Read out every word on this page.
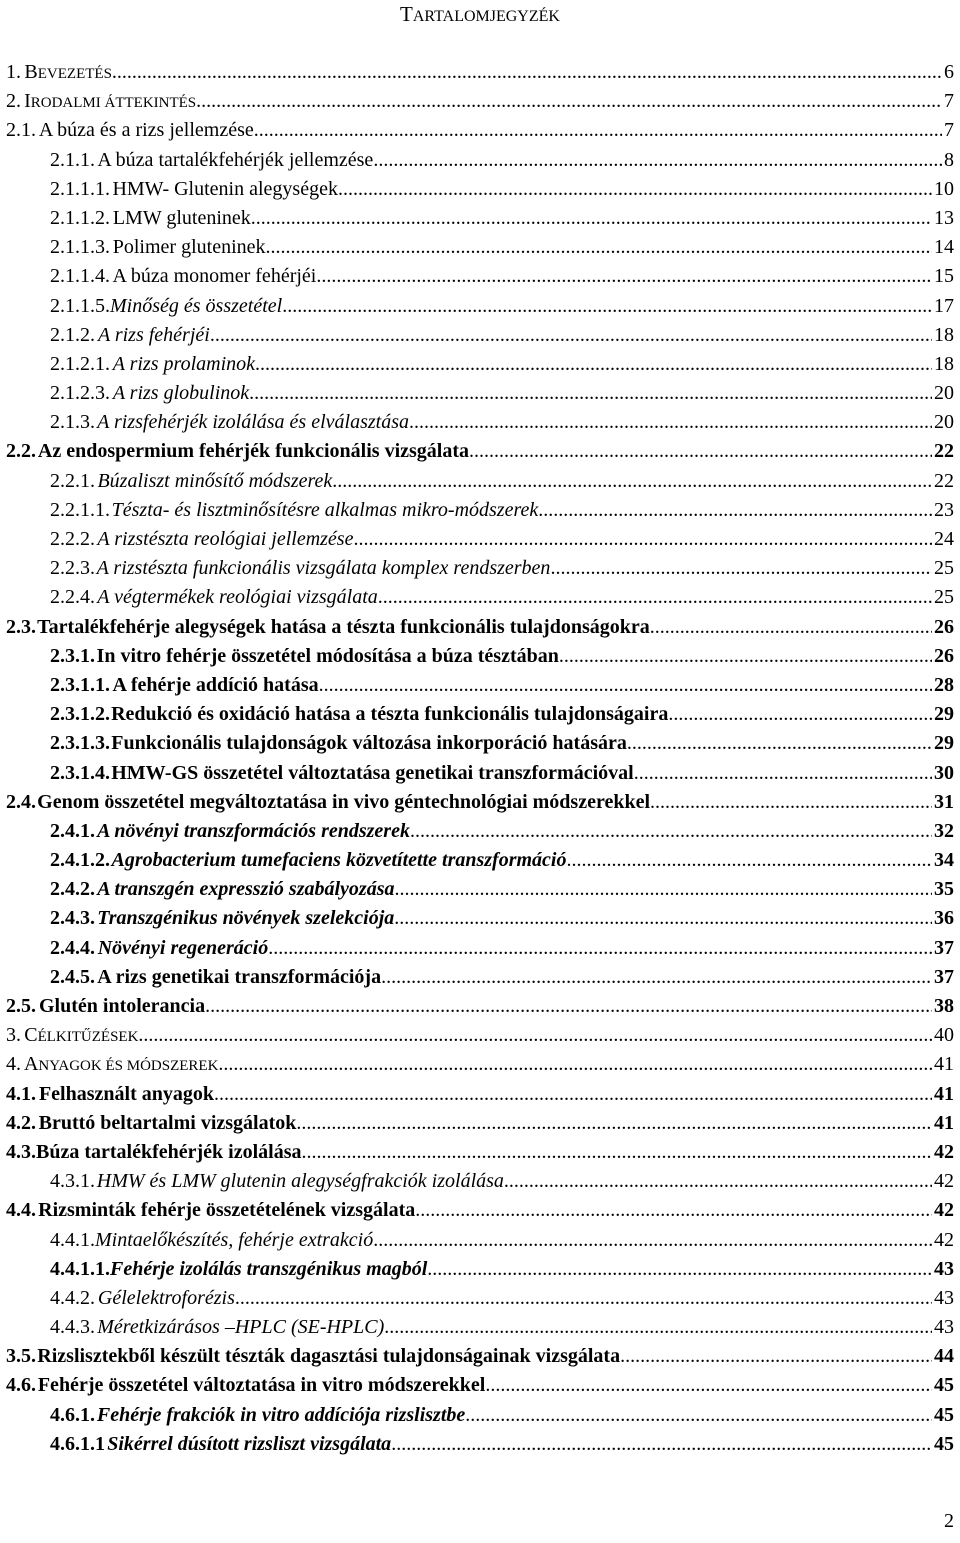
TARTALOMJEGYZÉK
1. BEVEZETÉS .....	6
2. IRODALMI ÁTTEKINTÉS .....	7
2.1. A búza és a rizs jellemzése .....	7
2.1.1. A búza tartalékfehérjék jellemzése .....	8
2.1.1.1. HMW- Glutenin alegységek .....	10
2.1.1.2. LMW gluteninek .....	13
2.1.1.3. Polimer gluteninek .....	14
2.1.1.4. A búza monomer fehérjéi .....	15
2.1.1.5. Minőség és összetétel .....	17
2.1.2. A rizs fehérjéi .....	18
2.1.2.1. A rizs prolaminok .....	18
2.1.2.3. A rizs globulinok .....	20
2.1.3. A rizsfehérjék izolálása és elválasztása .....	20
2.2. Az endospermium fehérjék funkcionális vizsgálata .....	22
2.2.1. Búzaliszt minősítő módszerek .....	22
2.2.1.1. Tészta- és lisztminősítésre alkalmas mikro-módszerek .....	23
2.2.2. A rizstészta reológiai jellemzése .....	24
2.2.3. A rizstészta funkcionális vizsgálata komplex rendszerben .....	25
2.2.4. A végtermékek reológiai vizsgálata .....	25
2.3. Tartalékfehérje alegységek hatása a tészta funkcionális tulajdonságokra .....	26
2.3.1. In vitro fehérje összetétel módosítása a búza tésztában .....	26
2.3.1.1. A fehérje addíció hatása .....	28
2.3.1.2. Redukció és oxidáció hatása a tészta funkcionális tulajdonságaira .....	29
2.3.1.3. Funkcionális tulajdonságok változása inkorporáció hatására .....	29
2.3.1.4. HMW-GS összetétel változtatása genetikai transzformációval .....	30
2.4. Genom összetétel megváltoztatása in vivo géntechnológiai módszerekkel .....	31
2.4.1. A növényi transzformációs rendszerek .....	32
2.4.1.2. Agrobacterium tumefaciens közvetítette transzformáció .....	34
2.4.2. A transzgén expresszió szabályozása .....	35
2.4.3. Transzgénikus növények szelekciója .....	36
2.4.4. Növényi regeneráció .....	37
2.4.5. A rizs genetikai transzformációja .....	37
2.5. Glutén intolerancia .....	38
3. CÉLKITŰZÉSEK .....	40
4. ANYAGOK ÉS MÓDSZEREK .....	41
4.1. Felhasznált anyagok .....	41
4.2. Bruttó beltartalmi vizsgálatok .....	41
4.3. Búza tartalékfehérjék izolálása .....	42
4.3.1. HMW és LMW glutenin alegységfrakciók izolálása .....	42
4.4. Rizsminták fehérje összetételének vizsgálata .....	42
4.4.1. Mintaelőkészítés, fehérje extrakció .....	42
4.4.1.1. Fehérje izolálás transzgénikus magból .....	43
4.4.2. Gélelektroforézis .....	43
4.4.3. Méretkizárásos –HPLC (SE-HPLC) .....	43
3.5. Rizslisztekből készült tészták dagasztási tulajdonságainak vizsgálata .....	44
4.6. Fehérje összetétel változtatása in vitro módszerekkel .....	45
4.6.1. Fehérje frakciók in vitro addíciója rizslisztbe .....	45
4.6.1.1 Sikérrel dúsított rizsliszt vizsgálata .....	45
2
